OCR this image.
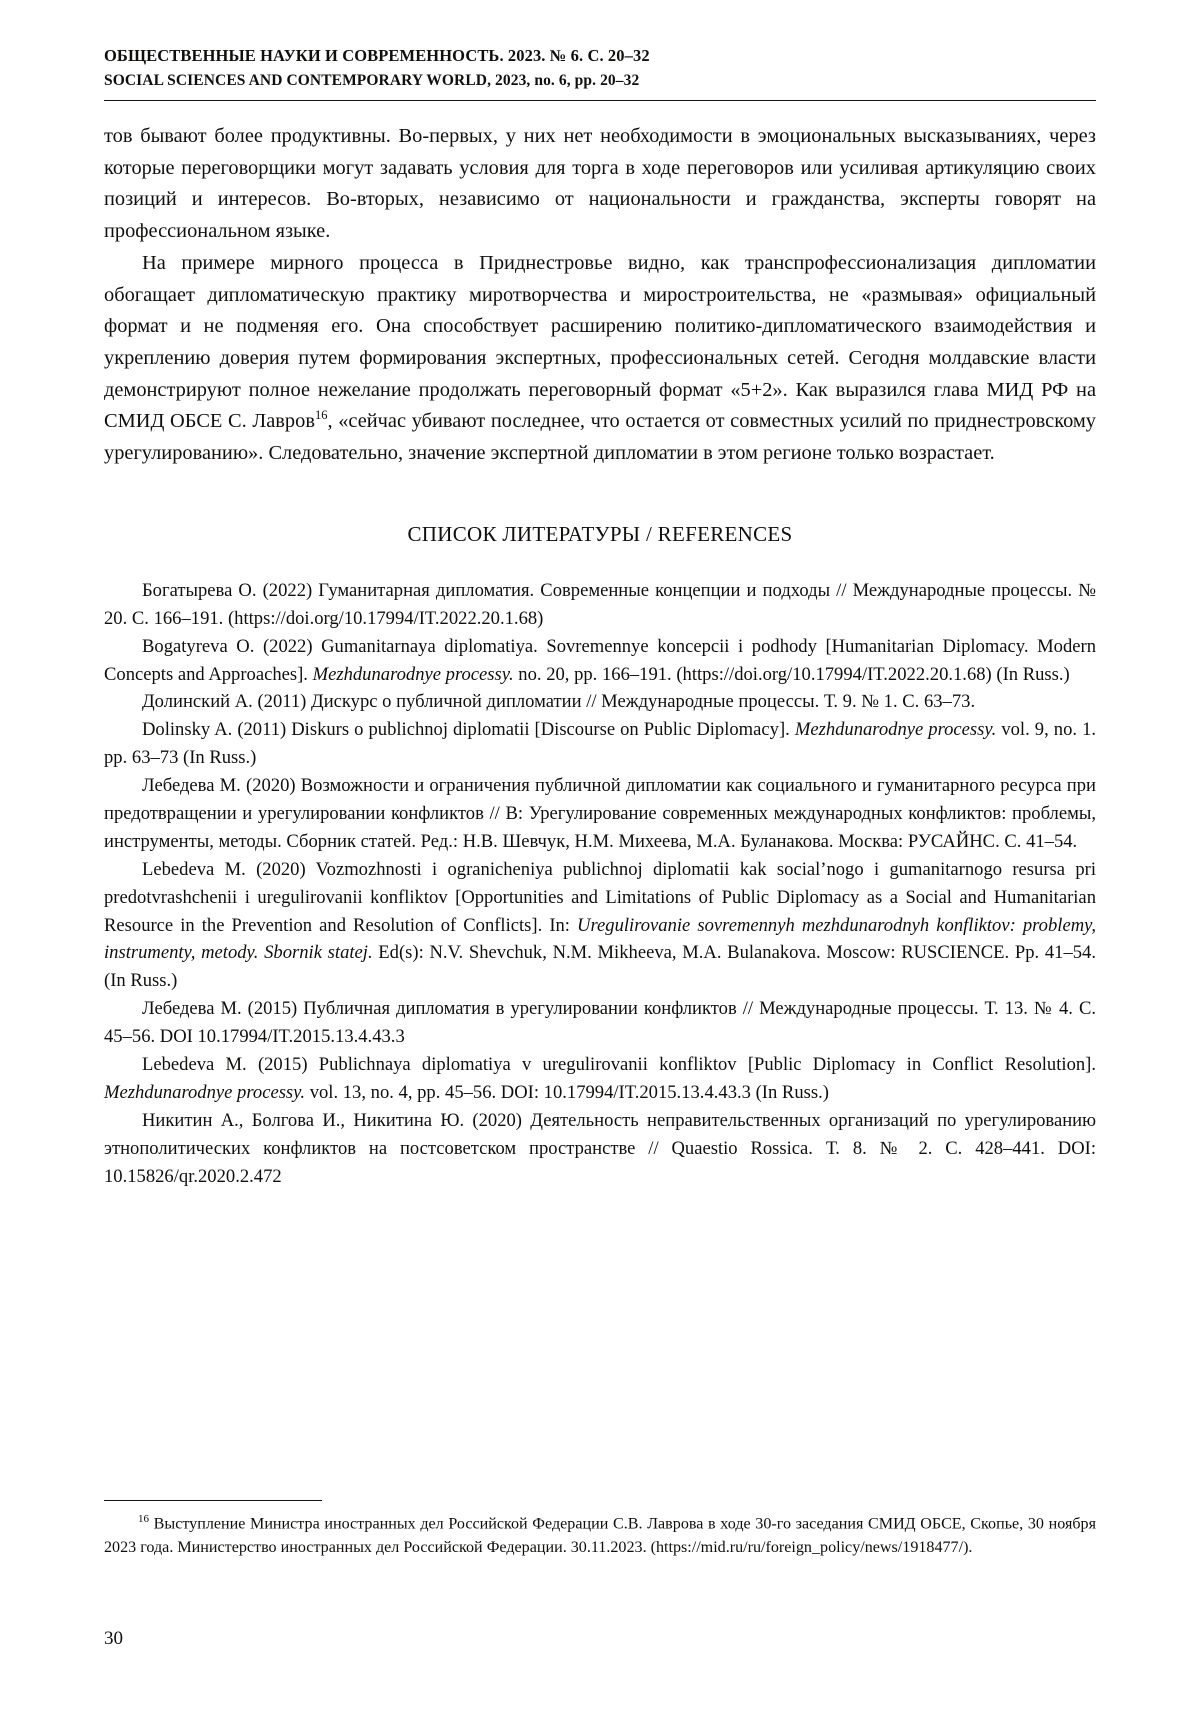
ОБЩЕСТВЕННЫЕ НАУКИ И СОВРЕМЕННОСТЬ. 2023. № 6. С. 20–32
SOCIAL SCIENCES AND CONTEMPORARY WORLD, 2023, no. 6, pp. 20–32

тов бывают более продуктивны. Во-первых, у них нет необходимости в эмоциональных высказываниях, через которые переговорщики могут задавать условия для торга в ходе переговоров или усиливая артикуляцию своих позиций и интересов. Во-вторых, независимо от национальности и гражданства, эксперты говорят на профессиональном языке.

На примере мирного процесса в Приднестровье видно, как транспрофессионализация дипломатии обогащает дипломатическую практику миротворчества и миростроительства, не «размывая» официальный формат и не подменяя его. Она способствует расширению политико-дипломатического взаимодействия и укреплению доверия путем формирования экспертных, профессиональных сетей. Сегодня молдавские власти демонстрируют полное нежелание продолжать переговорный формат «5+2». Как выразился глава МИД РФ на СМИД ОБСЕ С. Лавров$^{16}$, «сейчас убивают последнее, что остается от совместных усилий по приднестровскому урегулированию». Следовательно, значение экспертной дипломатии в этом регионе только возрастает.

СПИСОК ЛИТЕРАТУРЫ / REFERENCES

Богатырева О. (2022) Гуманитарная дипломатия. Современные концепции и подходы // Международные процессы. № 20. С. 166–191. (https://doi.org/10.17994/IT.2022.20.1.68)

Bogatyreva O. (2022) Gumanitarnaya diplomatiya. Sovremennye koncepcii i podhody [Humanitarian Diplomacy. Modern Concepts and Approaches]. Mezhdunarodnye processy. no. 20, pp. 166–191. (https://doi.org/10.17994/IT.2022.20.1.68) (In Russ.)

Долинский А. (2011) Дискурс о публичной дипломатии // Международные процессы. Т. 9. № 1. С. 63–73.

Dolinsky A. (2011) Diskurs o publichnoj diplomatii [Discourse on Public Diplomacy]. Mezhdunarodnye processy. vol. 9, no. 1. pp. 63–73 (In Russ.)

Лебедева М. (2020) Возможности и ограничения публичной дипломатии как социального и гуманитарного ресурса при предотвращении и урегулировании конфликтов // В: Урегулирование современных международных конфликтов: проблемы, инструменты, методы. Сборник статей. Ред.: Н.В. Шевчук, Н.М. Михеева, М.А. Буланакова. Москва: РУСАЙНС. С. 41–54.

Lebedeva M. (2020) Vozmozhnosti i ogranicheniya publichnoj diplomatii kak social’nogo i gumanitarnogo resursa pri predotvrashchenii i uregulirovanii konfliktov [Opportunities and Limitations of Public Diplomacy as a Social and Humanitarian Resource in the Prevention and Resolution of Conflicts]. In: Uregulirovanie sovremennyh mezhdunarodnyh konfliktov: problemy, instrumenty, metody. Sbornik statej. Ed(s): N.V. Shevchuk, N.M. Mikheeva, M.A. Bulanakova. Moscow: RUSCIENCE. Pp. 41–54. (In Russ.)

Лебедева М. (2015) Публичная дипломатия в урегулировании конфликтов // Международные процессы. Т. 13. № 4. С. 45–56. DOI 10.17994/IT.2015.13.4.43.3

Lebedeva M. (2015) Publichnaya diplomatiya v uregulirovanii konfliktov [Public Diplomacy in Conflict Resolution]. Mezhdunarodnye processy. vol. 13, no. 4, pp. 45–56. DOI: 10.17994/IT.2015.13.4.43.3 (In Russ.)

Никитин А., Болгова И., Никитина Ю. (2020) Деятельность неправительственных организаций по урегулированию этнополитических конфликтов на постсоветском пространстве // Quaestio Rossica. Т. 8. № 2. С. 428–441. DOI: 10.15826/qr.2020.2.472

$^{16}$ Выступление Министра иностранных дел Российской Федерации С.В. Лаврова в ходе 30-го заседания СМИД ОБСЕ, Скопье, 30 ноября 2023 года. Министерство иностранных дел Российской Федерации. 30.11.2023. (https://mid.ru/ru/foreign_policy/news/1918477/).

30
